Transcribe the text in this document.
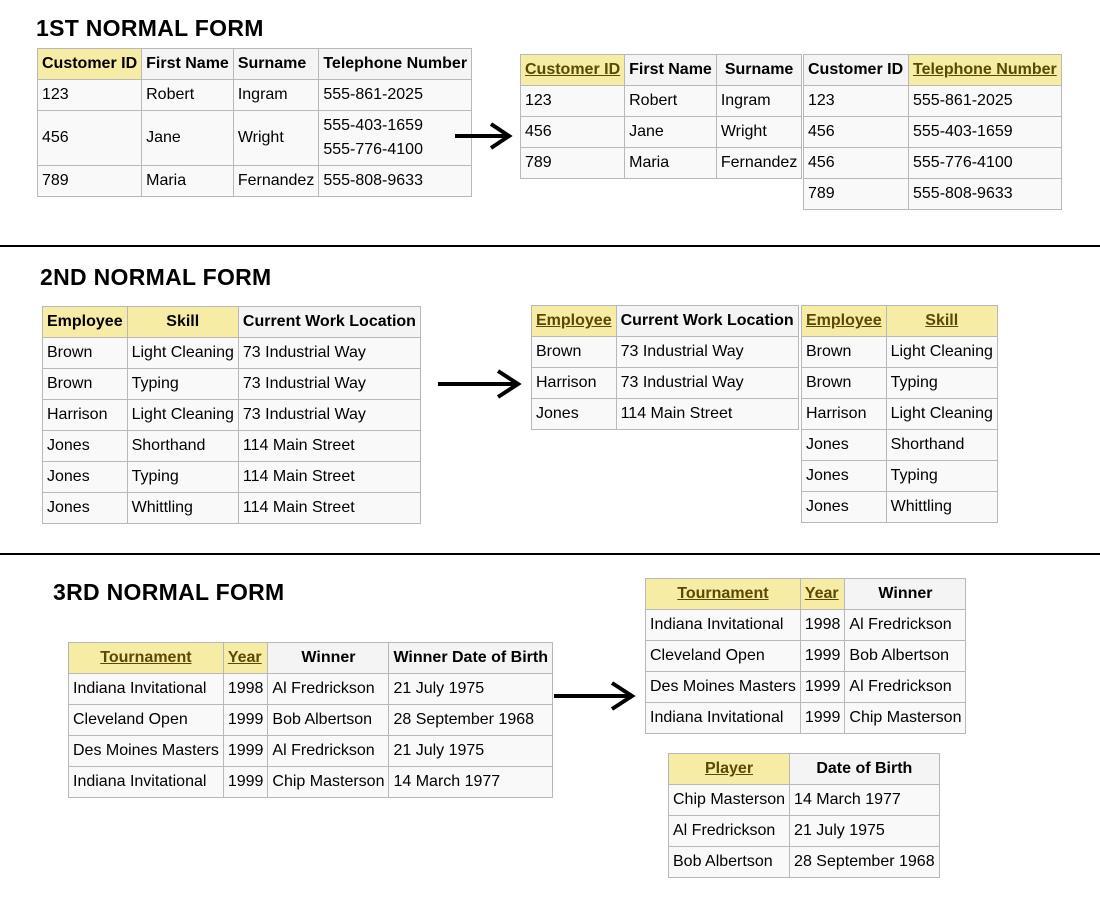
1ST NORMAL FORM
Customer ID	First Name	Surname	Telephone Number
123	Robert	Ingram	555-861-2025
456	Jane	Wright	555-403-1659
555-776-4100

789	Maria	Fernandez	555-808-9633
Customer ID	First Name	Surname
123	Robert	Ingram
456	Jane	Wright
789	Maria	Fernandez
Customer ID	Telephone Number
123	555-861-2025
456	555-403-1659
456	555-776-4100
789	555-808-9633
2ND NORMAL FORM
Employee	Skill	Current Work Location
Brown	Light Cleaning	73 Industrial Way
Brown	Typing	73 Industrial Way
Harrison	Light Cleaning	73 Industrial Way
Jones	Shorthand	114 Main Street
Jones	Typing	114 Main Street
Jones	Whittling	114 Main Street
Employee	Current Work Location
Brown	73 Industrial Way
Harrison	73 Industrial Way
Jones	114 Main Street
Employee	Skill
Brown	Light Cleaning
Brown	Typing
Harrison	Light Cleaning
Jones	Shorthand
Jones	Typing
Jones	Whittling
3RD NORMAL FORM
Tournament	Year	Winner	Winner Date of Birth
Indiana Invitational	1998	Al Fredrickson	21 July 1975
Cleveland Open	1999	Bob Albertson	28 September 1968
Des Moines Masters	1999	Al Fredrickson	21 July 1975
Indiana Invitational	1999	Chip Masterson	14 March 1977
Tournament	Year	Winner
Indiana Invitational	1998	Al Fredrickson
Cleveland Open	1999	Bob Albertson
Des Moines Masters	1999	Al Fredrickson
Indiana Invitational	1999	Chip Masterson
Player	Date of Birth
Chip Masterson	14 March 1977
Al Fredrickson	21 July 1975
Bob Albertson	28 September 1968
